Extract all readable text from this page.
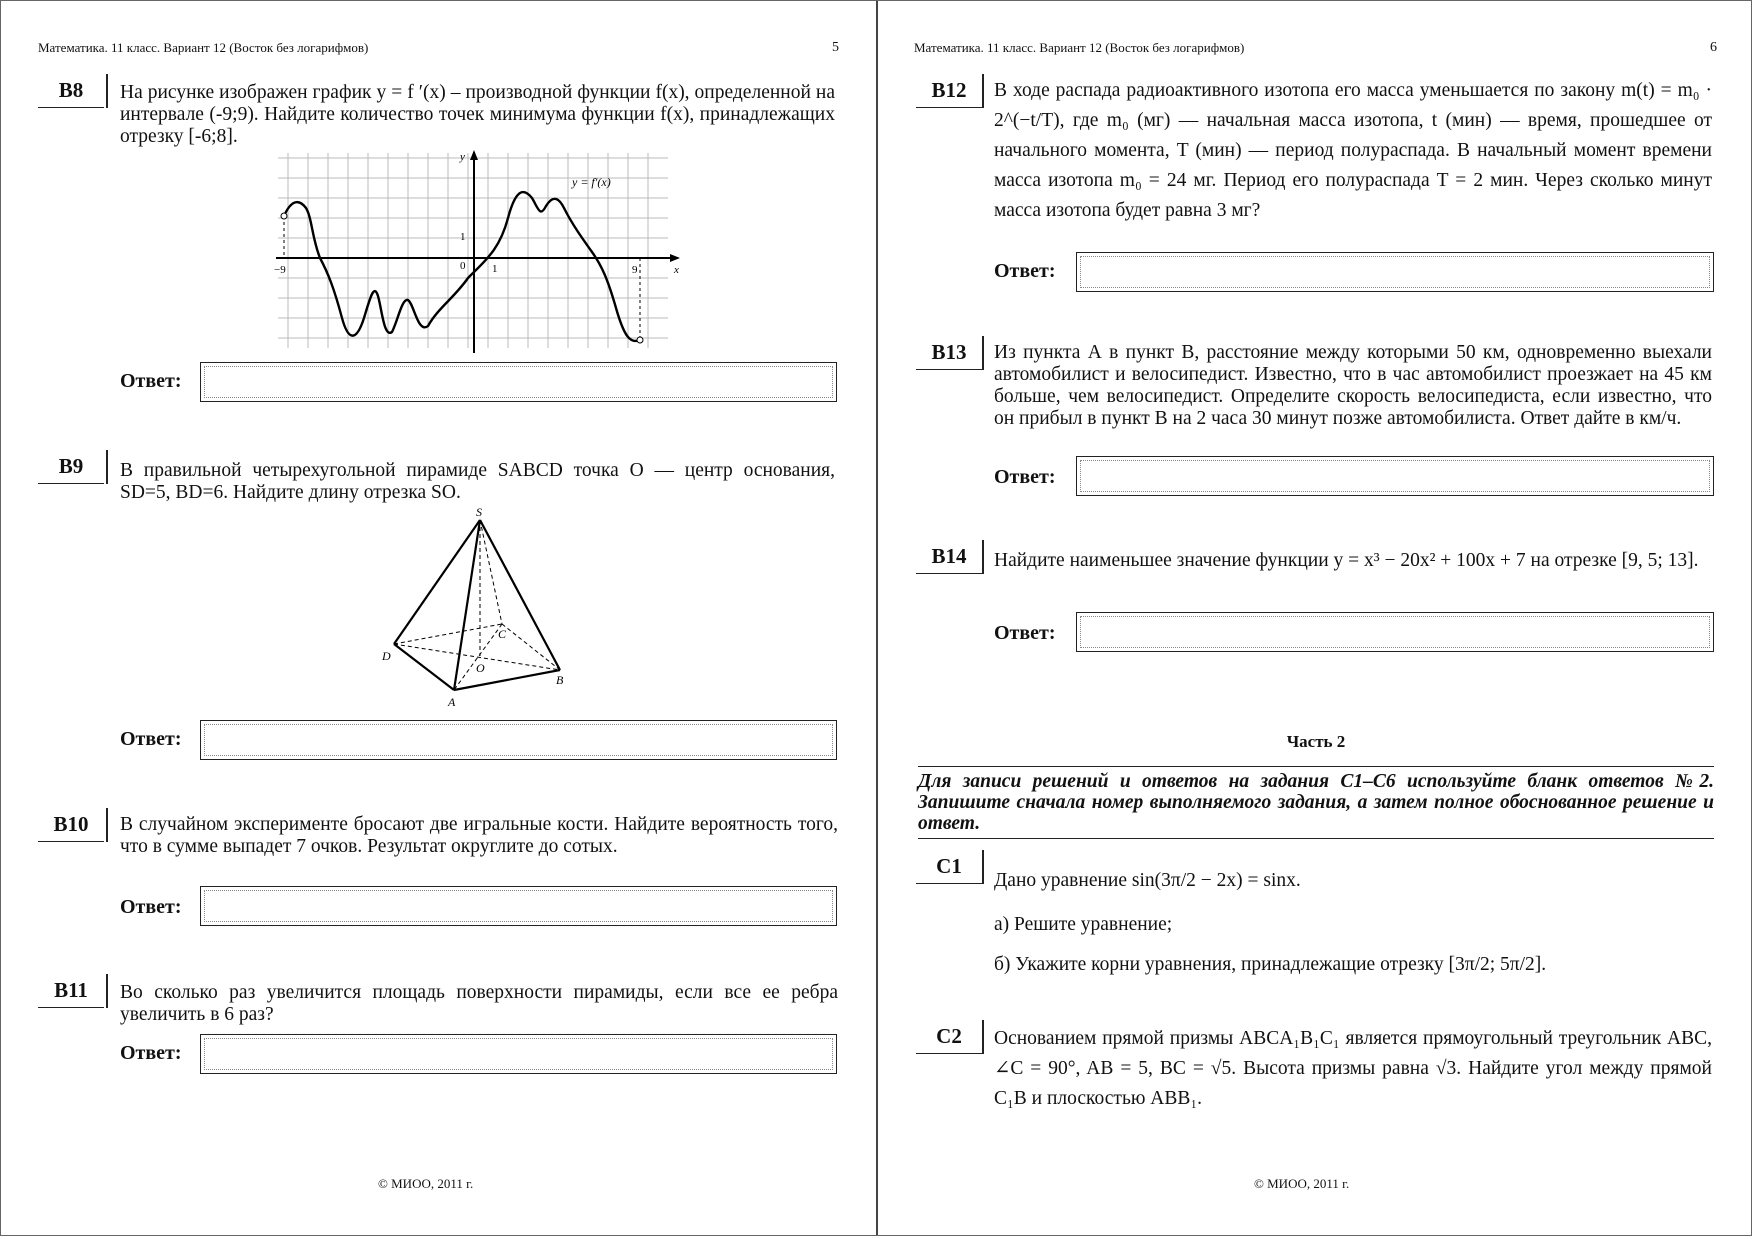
Математика. 11 класс. Вариант 12 (Восток без логарифмов)	5
B8	На рисунке изображен график y = f ′(x) – производной функции f(x), определенной на интервале (-9;9). Найдите количество точек минимума функции f(x), принадлежащих отрезку [-6;8].
−9	0 1
1
9
y
x
y = f′(x)
Ответ:
B9	В правильной четырехугольной пирамиде SABCD точка O — центр основания, SD=5, BD=6. Найдите длину отрезка SO.
S
D
A
B
C
O
Ответ:
B10	В случайном эксперименте бросают две игральные кости. Найдите вероятность того, что в сумме выпадет 7 очков. Результат округлите до сотых.
Ответ:
B11	Во сколько раз увеличится площадь поверхности пирамиды, если все ее ребра увеличить в 6 раз?
Ответ:
© МИОО, 2011 г.
Математика. 11 класс. Вариант 12 (Восток без логарифмов)	6
B12	В ходе распада радиоактивного изотопа его масса уменьшается по закону m(t) = m₀ · 2^(−t/T), где m₀ (мг) — начальная масса изотопа, t (мин) — время, прошедшее от начального момента, T (мин) — период полураспада. В начальный момент времени масса изотопа m₀ = 24 мг. Период его полураспада T = 2 мин. Через сколько минут масса изотопа будет равна 3 мг?
Ответ:
B13	Из пункта А в пункт В, расстояние между которыми 50 км, одновременно выехали автомобилист и велосипедист. Известно, что в час автомобилист проезжает на 45 км больше, чем велосипедист. Определите скорость велосипедиста, если известно, что он прибыл в пункт В на 2 часа 30 минут позже автомобилиста. Ответ дайте в км/ч.
Ответ:
B14	Найдите наименьшее значение функции y = x³ − 20x² + 100x + 7 на отрезке [9, 5; 13].
Ответ:
Часть 2
Для записи решений и ответов на задания С1–С6 используйте бланк ответов №2. Запишите сначала номер выполняемого задания, а затем полное обоснованное решение и ответ.
C1
Дано уравнение sin(3π/2 − 2x) = sinx.
а) Решите уравнение;
б) Укажите корни уравнения, принадлежащие отрезку [3π/2; 5π/2].
C2	Основанием прямой призмы ABCA₁B₁C₁ является прямоугольный треугольник ABC, ∠C = 90°, AB = 5, BC = √5. Высота призмы равна √3. Найдите угол между прямой C₁B и плоскостью ABB₁.
© МИОО, 2011 г.
